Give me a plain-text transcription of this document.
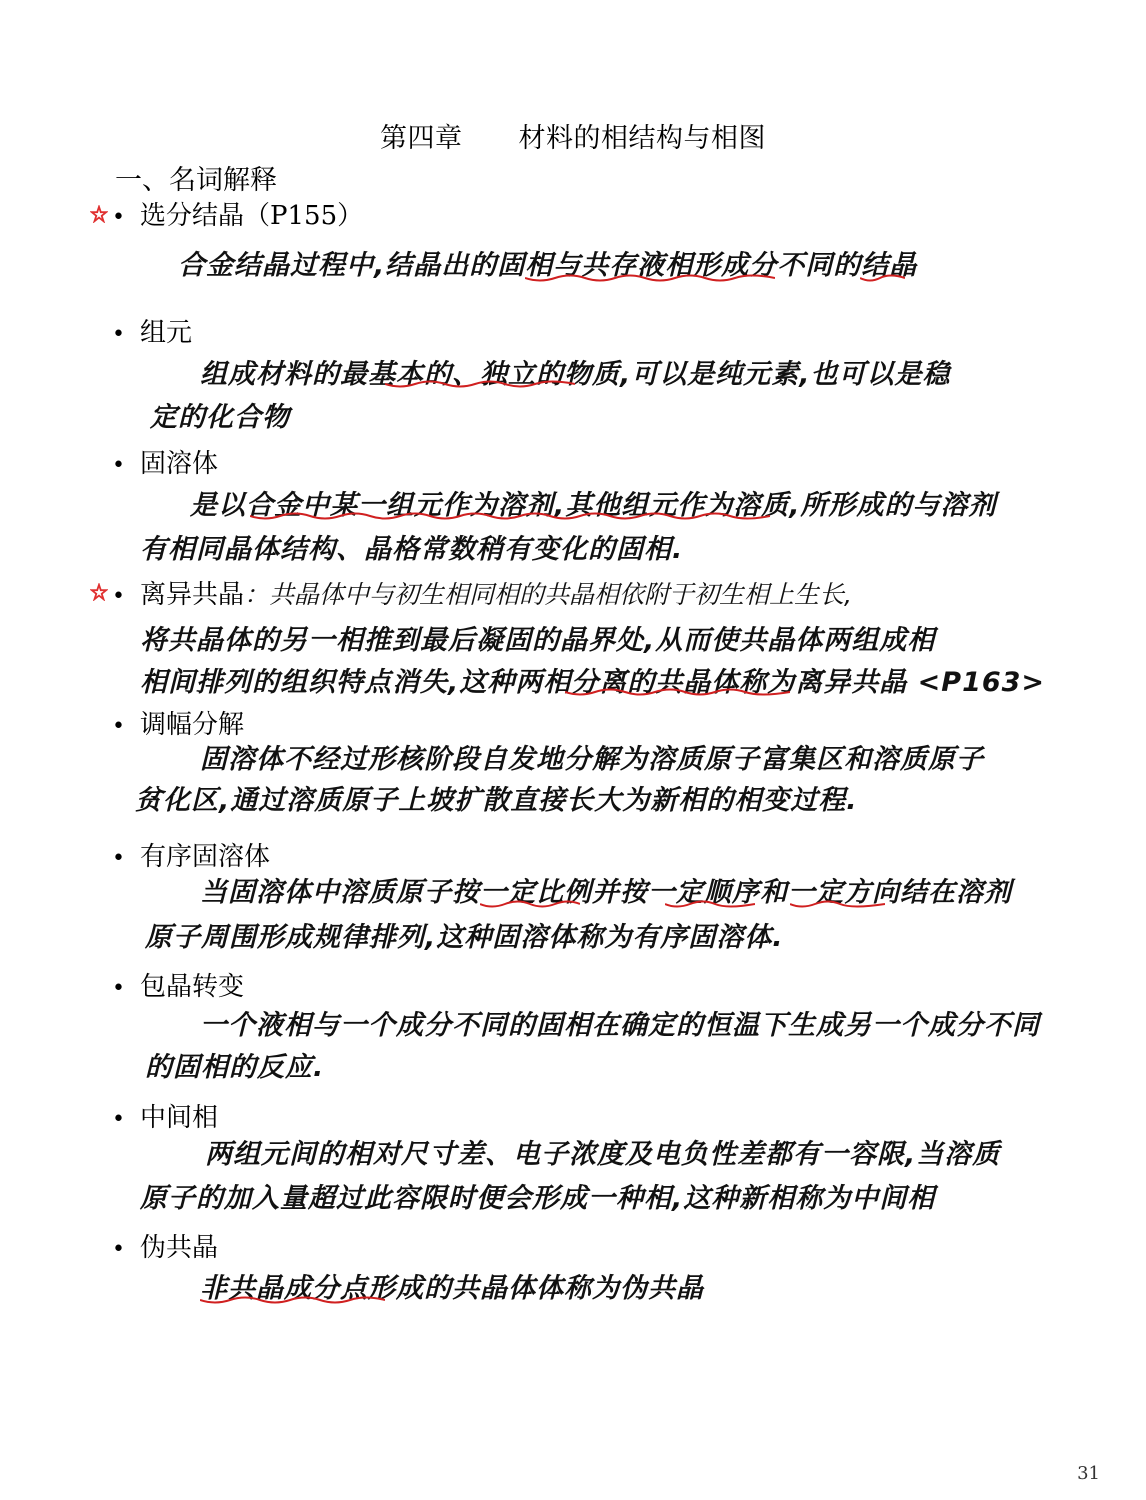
第四章 材料的相结构与相图
一、名词解释
• 选分结晶（P155）
合金结晶过程中,结晶出的固相与共存液相形成分不同的结晶
• 组元
组成材料的最基本的、独立的物质,可以是纯元素,也可以是稳
定的化合物
• 固溶体
是以合金中某一组元作为溶剂,其他组元作为溶质,所形成的与溶剂
有相同晶体结构、晶格常数稍有变化的固相.
• 离异共晶：共晶体中与初生相同相的共晶相依附于初生相上生长,
将共晶体的另一相推到最后凝固的晶界处,从而使共晶体两组成相
相间排列的组织特点消失,这种两相分离的共晶体称为离异共晶 <P163>
• 调幅分解
固溶体不经过形核阶段自发地分解为溶质原子富集区和溶质原子
贫化区,通过溶质原子上坡扩散直接长大为新相的相变过程.
• 有序固溶体
当固溶体中溶质原子按一定比例并按一定顺序和一定方向结在溶剂
原子周围形成规律排列,这种固溶体称为有序固溶体.
• 包晶转变
一个液相与一个成分不同的固相在确定的恒温下生成另一个成分不同
的固相的反应.
• 中间相
两组元间的相对尺寸差、电子浓度及电负性差都有一容限,当溶质
原子的加入量超过此容限时便会形成一种相,这种新相称为中间相
• 伪共晶
非共晶成分点形成的共晶体体称为伪共晶
31
